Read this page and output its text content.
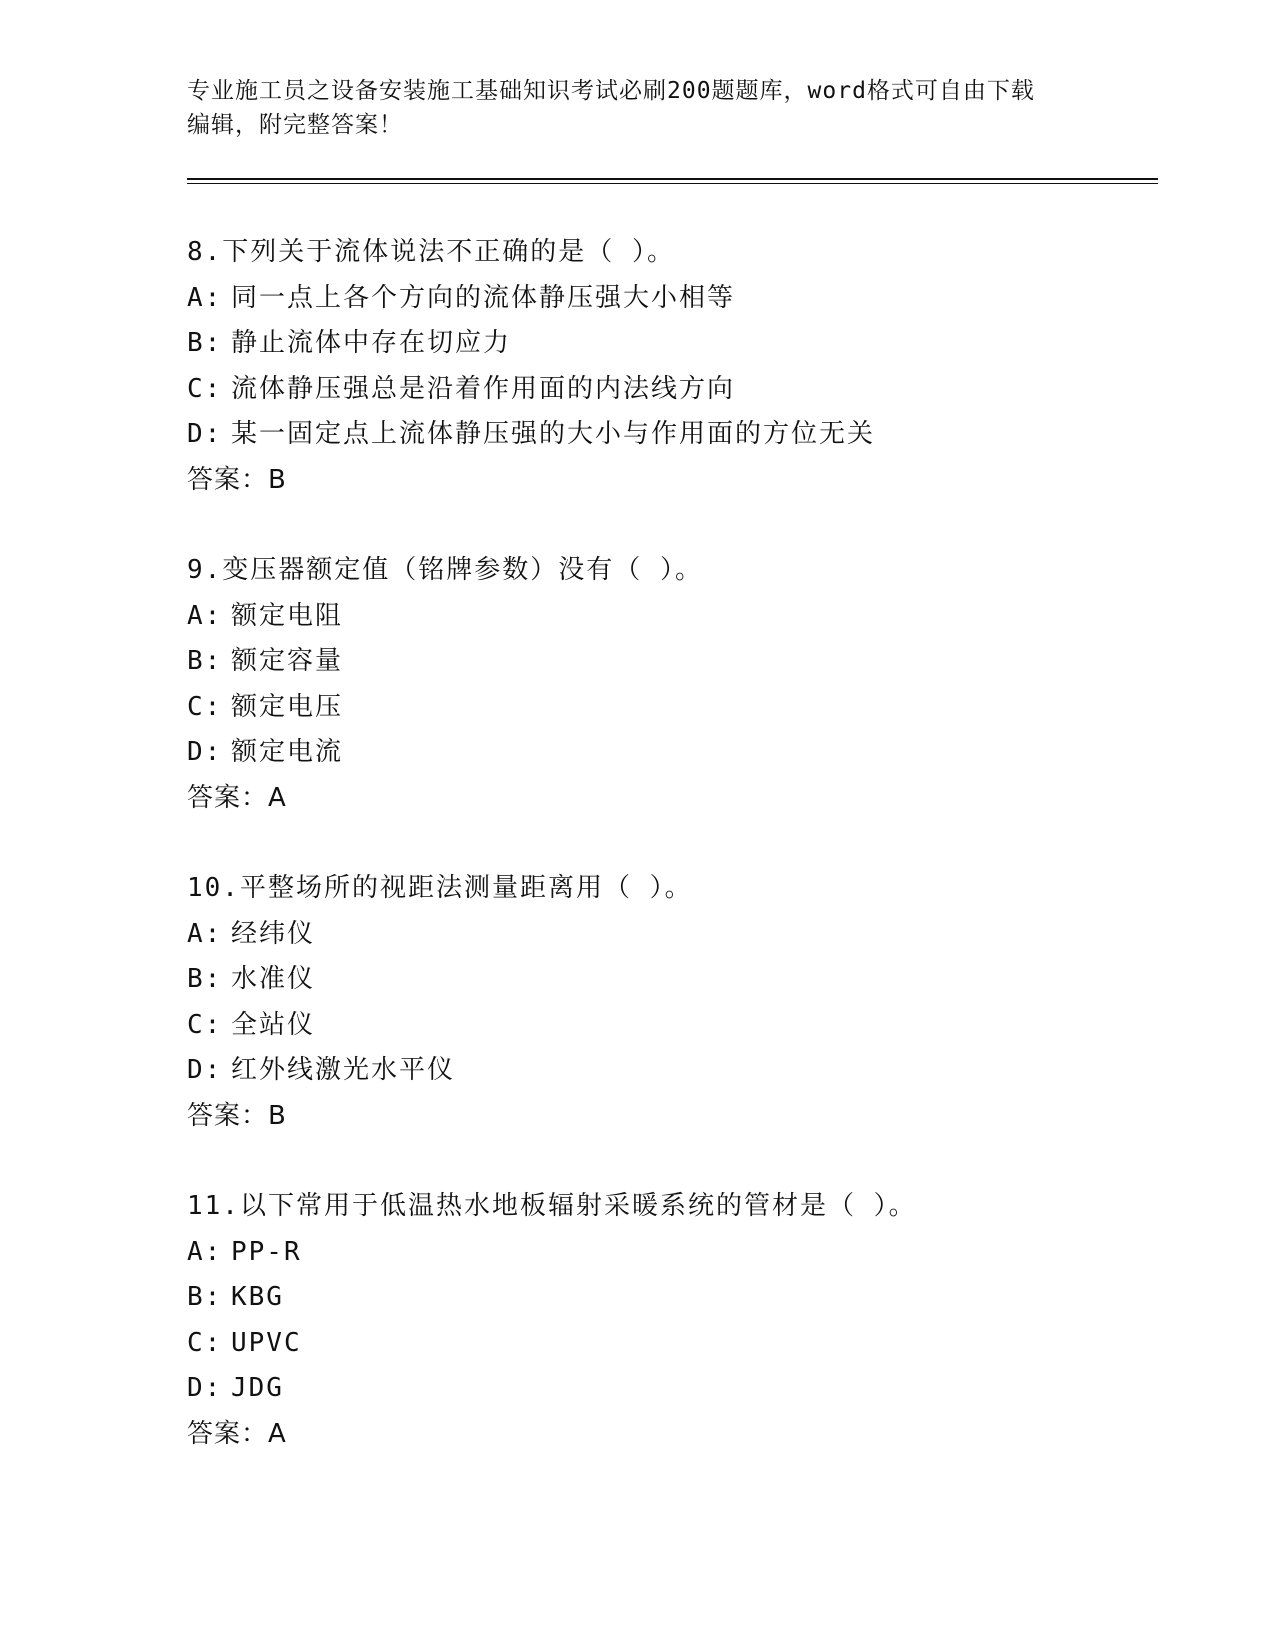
专业施工员之设备安装施工基础知识考试必刷200题题库，word格式可自由下载
编辑，附完整答案！
8.下列关于流体说法不正确的是（ ）。
A: 同一点上各个方向的流体静压强大小相等
B: 静止流体中存在切应力
C: 流体静压强总是沿着作用面的内法线方向
D: 某一固定点上流体静压强的大小与作用面的方位无关
答案：B
9.变压器额定值（铭牌参数）没有（ ）。
A: 额定电阻
B: 额定容量
C: 额定电压
D: 额定电流
答案：A
10.平整场所的视距法测量距离用（ ）。
A: 经纬仪
B: 水准仪
C: 全站仪
D: 红外线激光水平仪
答案：B
11.以下常用于低温热水地板辐射采暖系统的管材是（ ）。
A: PP-R
B: KBG
C: UPVC
D: JDG
答案：A
